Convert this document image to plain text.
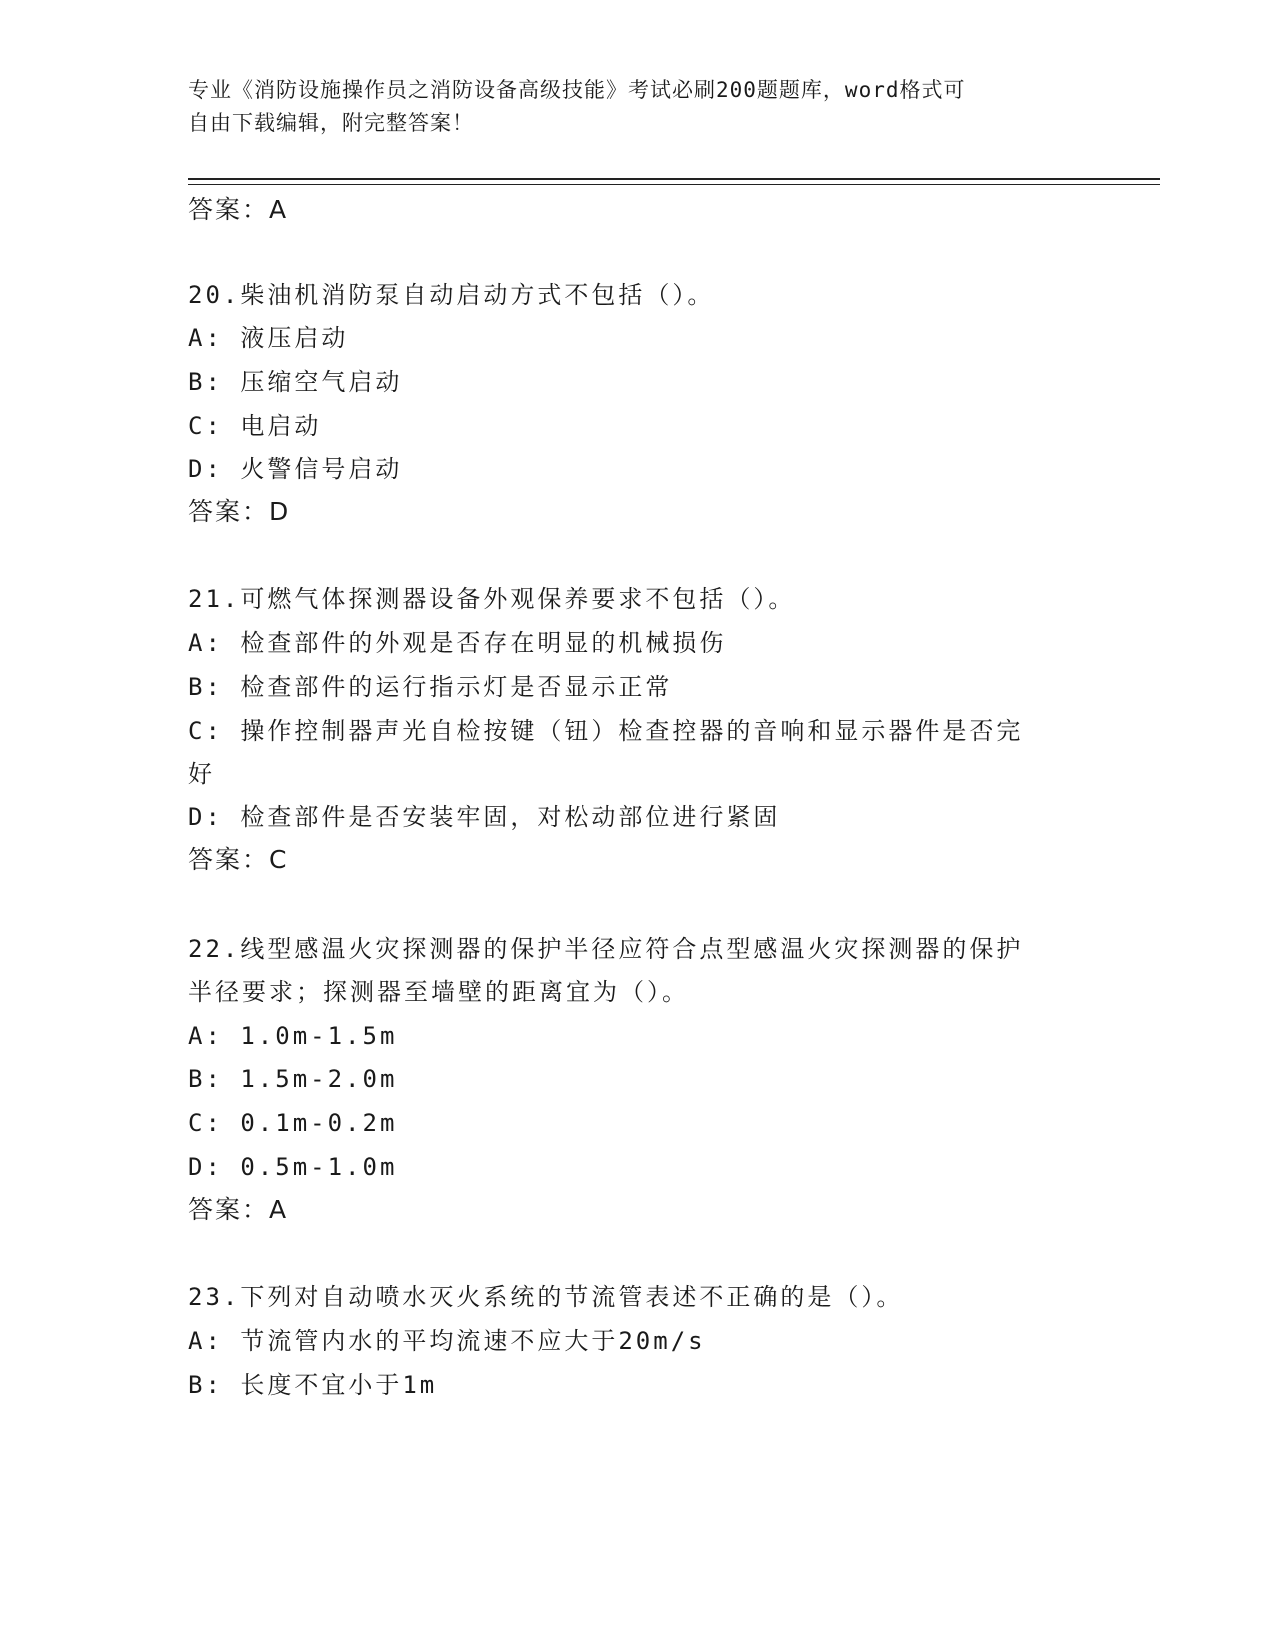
专业《消防设施操作员之消防设备高级技能》考试必刷200题题库，word格式可
自由下载编辑，附完整答案！
答案：A
20.柴油机消防泵自动启动方式不包括（）。
A: 液压启动
B: 压缩空气启动
C: 电启动
D: 火警信号启动
答案：D
21.可燃气体探测器设备外观保养要求不包括（）。
A: 检查部件的外观是否存在明显的机械损伤
B: 检查部件的运行指示灯是否显示正常
C: 操作控制器声光自检按键（钮）检查控器的音响和显示器件是否完
好
D: 检查部件是否安装牢固，对松动部位进行紧固
答案：C
22.线型感温火灾探测器的保护半径应符合点型感温火灾探测器的保护
半径要求；探测器至墙壁的距离宜为（）。
A: 1.0m-1.5m
B: 1.5m-2.0m
C: 0.1m-0.2m
D: 0.5m-1.0m
答案：A
23.下列对自动喷水灭火系统的节流管表述不正确的是（）。
A: 节流管内水的平均流速不应大于20m/s
B: 长度不宜小于1m
